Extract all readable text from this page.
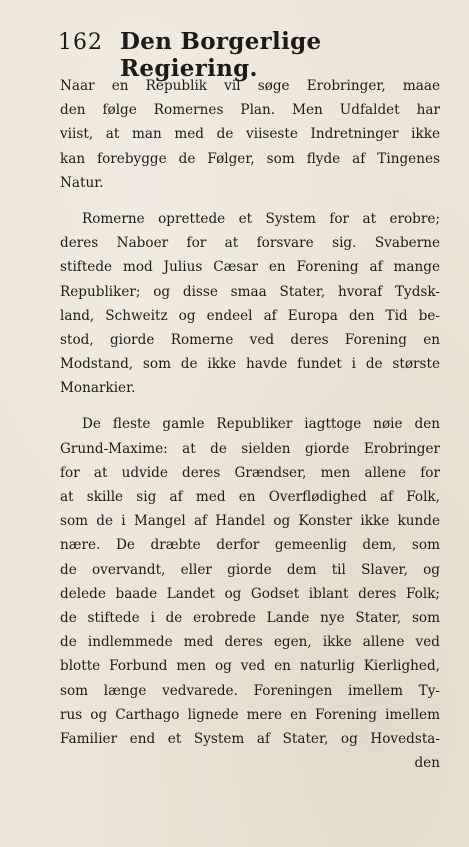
162 Den Borgerlige Regiering.
Naar en Republik vil søge Erobringer, maae
den følge Romernes Plan. Men Udfaldet har
viist, at man med de viiseste Indretninger ikke
kan forebygge de Følger, som flyde af Tingenes
Natur.
Romerne oprettede et System for at erobre;
deres Naboer for at forsvare sig. Svaberne
stiftede mod Julius Cæsar en Forening af mange
Republiker; og disse smaa Stater, hvoraf Tydsk-
land, Schweitz og endeel af Europa den Tid be-
stod, giorde Romerne ved deres Forening en
Modstand, som de ikke havde fundet i de største
Monarkier.
De fleste gamle Republiker iagttoge nøie den
Grund-Maxime: at de sielden giorde Erobringer
for at udvide deres Grændser, men allene for
at skille sig af med en Overflødighed af Folk,
som de i Mangel af Handel og Konster ikke kunde
nære. De dræbte derfor gemeenlig dem, som
de overvandt, eller giorde dem til Slaver, og
delede baade Landet og Godset iblant deres Folk;
de stiftede i de erobrede Lande nye Stater, som
de indlemmede med deres egen, ikke allene ved
blotte Forbund men og ved en naturlig Kierlighed,
som længe vedvarede. Foreningen imellem Ty-
rus og Carthago lignede mere en Forening imellem
Familier end et System af Stater, og Hovedsta-
den
